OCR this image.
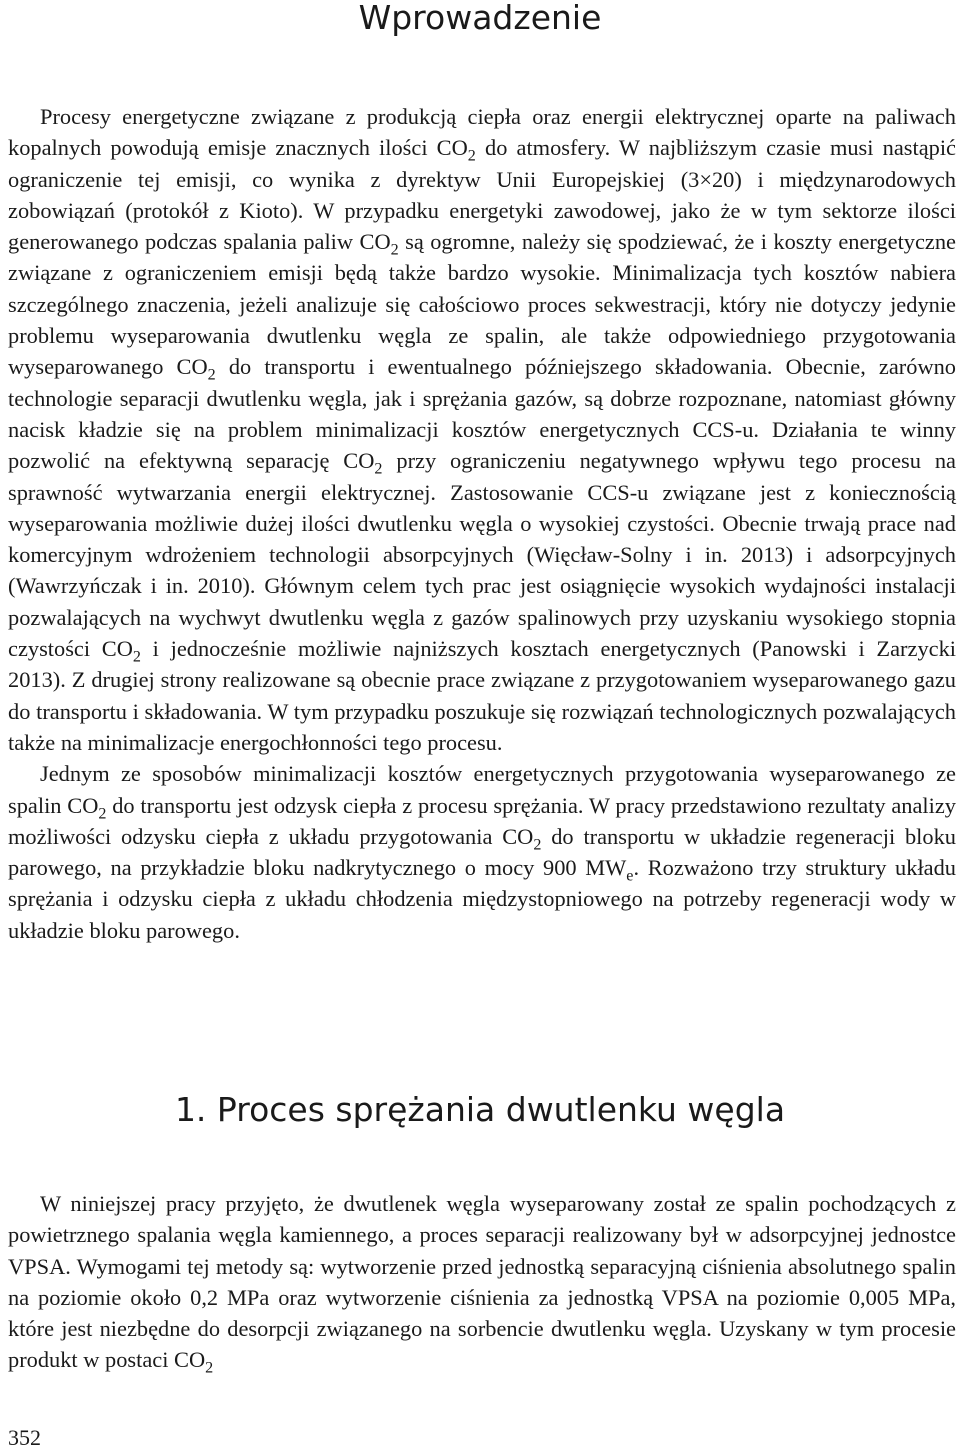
Wprowadzenie

Procesy energetyczne związane z produkcją ciepła oraz energii elektrycznej oparte na paliwach kopalnych powodują emisje znacznych ilości $CO_2$ do atmosfery. W najbliższym czasie musi nastąpić ograniczenie tej emisji, co wynika z dyrektyw Unii Europejskiej (3×20) i międzynarodowych zobowiązań (protokół z Kioto). W przypadku energetyki zawodowej, jako że w tym sektorze ilości generowanego podczas spalania paliw $CO_2$ są ogromne, należy się spodziewać, że i koszty energetyczne związane z ograniczeniem emisji będą także bardzo wysokie. Minimalizacja tych kosztów nabiera szczególnego znaczenia, jeżeli analizuje się całościowo proces sekwestracji, który nie dotyczy jedynie problemu wyseparowania dwutlenku węgla ze spalin, ale także odpowiedniego przygotowania wyseparowanego $CO_2$ do transportu i ewentualnego późniejszego składowania. Obecnie, zarówno technologie separacji dwutlenku węgla, jak i sprężania gazów, są dobrze rozpoznane, natomiast główny nacisk kładzie się na problem minimalizacji kosztów energetycznych CCS-u. Działania te winny pozwolić na efektywną separację $CO_2$ przy ograniczeniu negatywnego wpływu tego procesu na sprawność wytwarzania energii elektrycznej. Zastosowanie CCS-u związane jest z koniecznością wyseparowania możliwie dużej ilości dwutlenku węgla o wysokiej czystości. Obecnie trwają prace nad komercyjnym wdrożeniem technologii absorpcyjnych (Więcław-Solny i in. 2013) i adsorpcyjnych (Wawrzyńczak i in. 2010). Głównym celem tych prac jest osiągnięcie wysokich wydajności instalacji pozwalających na wychwyt dwutlenku węgla z gazów spalinowych przy uzyskaniu wysokiego stopnia czystości $CO_2$ i jednocześnie możliwie najniższych kosztach energetycznych (Panowski i Zarzycki 2013). Z drugiej strony realizowane są obecnie prace związane z przygotowaniem wyseparowanego gazu do transportu i składowania. W tym przypadku poszukuje się rozwiązań technologicznych pozwalających także na minimalizacje energochłonności tego procesu.

Jednym ze sposobów minimalizacji kosztów energetycznych przygotowania wyseparowanego ze spalin $CO_2$ do transportu jest odzysk ciepła z procesu sprężania. W pracy przedstawiono rezultaty analizy możliwości odzysku ciepła z układu przygotowania $CO_2$ do transportu w układzie regeneracji bloku parowego, na przykładzie bloku nadkrytycznego o mocy 900 $MW_e$. Rozważono trzy struktury układu sprężania i odzysku ciepła z układu chłodzenia międzystopniowego na potrzeby regeneracji wody w układzie bloku parowego.

1. Proces sprężania dwutlenku węgla

W niniejszej pracy przyjęto, że dwutlenek węgla wyseparowany został ze spalin pochodzących z powietrznego spalania węgla kamiennego, a proces separacji realizowany był w adsorpcyjnej jednostce VPSA. Wymogami tej metody są: wytworzenie przed jednostką separacyjną ciśnienia absolutnego spalin na poziomie około 0,2 MPa oraz wytworzenie ciśnienia za jednostką VPSA na poziomie 0,005 MPa, które jest niezbędne do desorpcji związanego na sorbencie dwutlenku węgla. Uzyskany w tym procesie produkt w postaci $CO_2$

352
